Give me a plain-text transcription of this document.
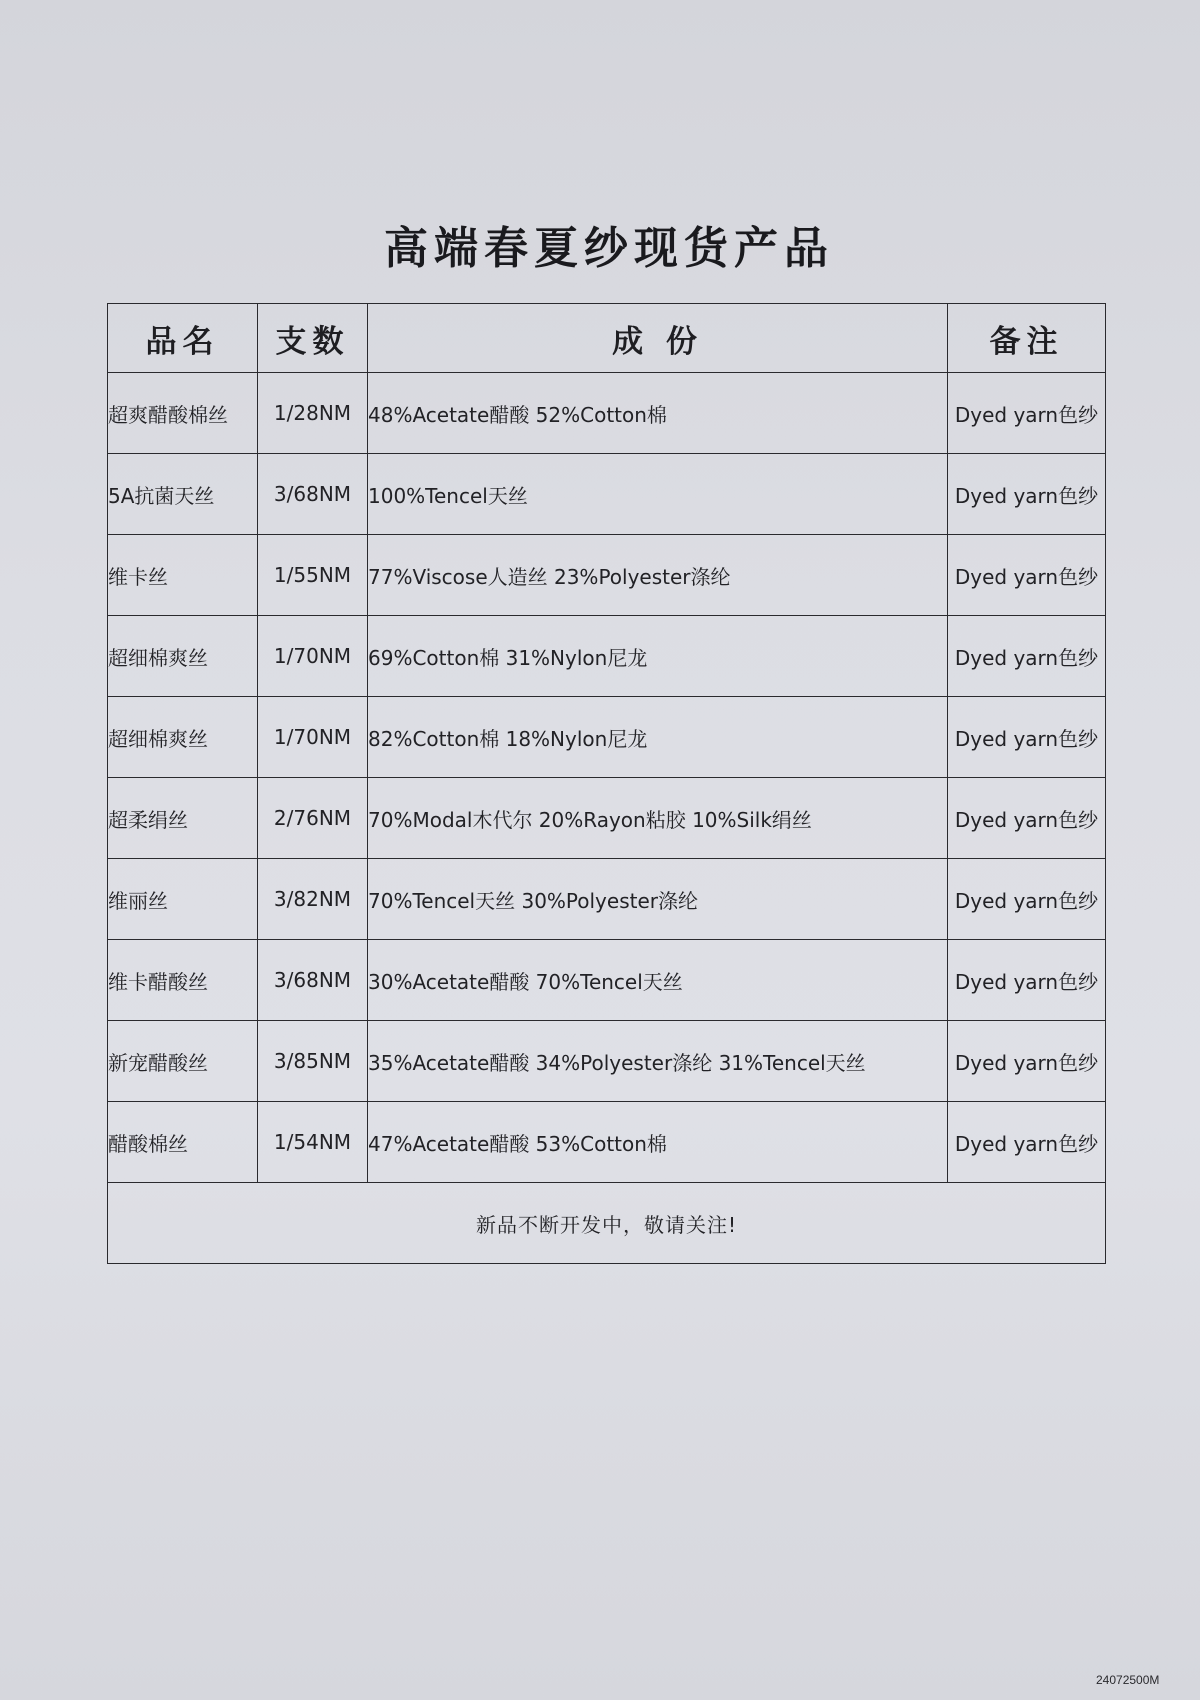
高端春夏纱现货产品
品名	支数	成 份	备注
超爽醋酸棉丝	1/28NM	48%Acetate醋酸 52%Cotton棉	Dyed yarn色纱
5A抗菌天丝	3/68NM	100%Tencel天丝	Dyed yarn色纱
维卡丝	1/55NM	77%Viscose人造丝 23%Polyester涤纶	Dyed yarn色纱
超细棉爽丝	1/70NM	69%Cotton棉 31%Nylon尼龙	Dyed yarn色纱
超细棉爽丝	1/70NM	82%Cotton棉 18%Nylon尼龙	Dyed yarn色纱
超柔绢丝	2/76NM	70%Modal木代尔 20%Rayon粘胶 10%Silk绢丝	Dyed yarn色纱
维丽丝	3/82NM	70%Tencel天丝 30%Polyester涤纶	Dyed yarn色纱
维卡醋酸丝	3/68NM	30%Acetate醋酸 70%Tencel天丝	Dyed yarn色纱
新宠醋酸丝	3/85NM	35%Acetate醋酸 34%Polyester涤纶 31%Tencel天丝	Dyed yarn色纱
醋酸棉丝	1/54NM	47%Acetate醋酸 53%Cotton棉	Dyed yarn色纱
新品不断开发中，敬请关注!			
24072500M
